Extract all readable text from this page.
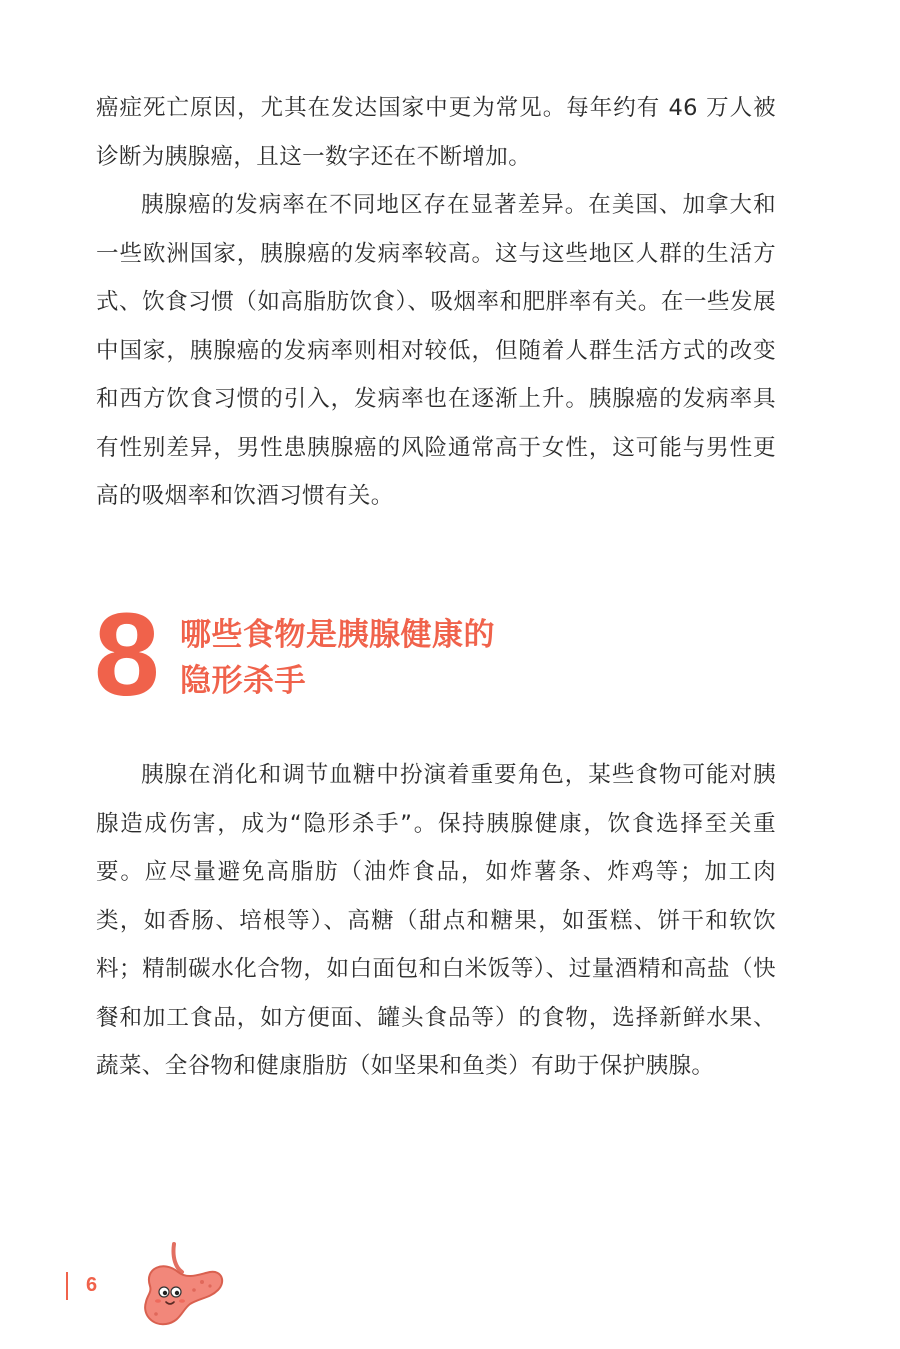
癌症死亡原因，尤其在发达国家中更为常见。每年约有 46 万人被诊断为胰腺癌，且这一数字还在不断增加。

胰腺癌的发病率在不同地区存在显著差异。在美国、加拿大和一些欧洲国家，胰腺癌的发病率较高。这与这些地区人群的生活方式、饮食习惯（如高脂肪饮食）、吸烟率和肥胖率有关。在一些发展中国家，胰腺癌的发病率则相对较低，但随着人群生活方式的改变和西方饮食习惯的引入，发病率也在逐渐上升。胰腺癌的发病率具有性别差异，男性患胰腺癌的风险通常高于女性，这可能与男性更高的吸烟率和饮酒习惯有关。

8 哪些食物是胰腺健康的
隐形杀手

胰腺在消化和调节血糖中扮演着重要角色，某些食物可能对胰腺造成伤害，成为“隐形杀手”。保持胰腺健康，饮食选择至关重要。应尽量避免高脂肪（油炸食品，如炸薯条、炸鸡等；加工肉类，如香肠、培根等）、高糖（甜点和糖果，如蛋糕、饼干和软饮料；精制碳水化合物，如白面包和白米饭等）、过量酒精和高盐（快餐和加工食品，如方便面、罐头食品等）的食物，选择新鲜水果、蔬菜、全谷物和健康脂肪（如坚果和鱼类）有助于保护胰腺。

6
